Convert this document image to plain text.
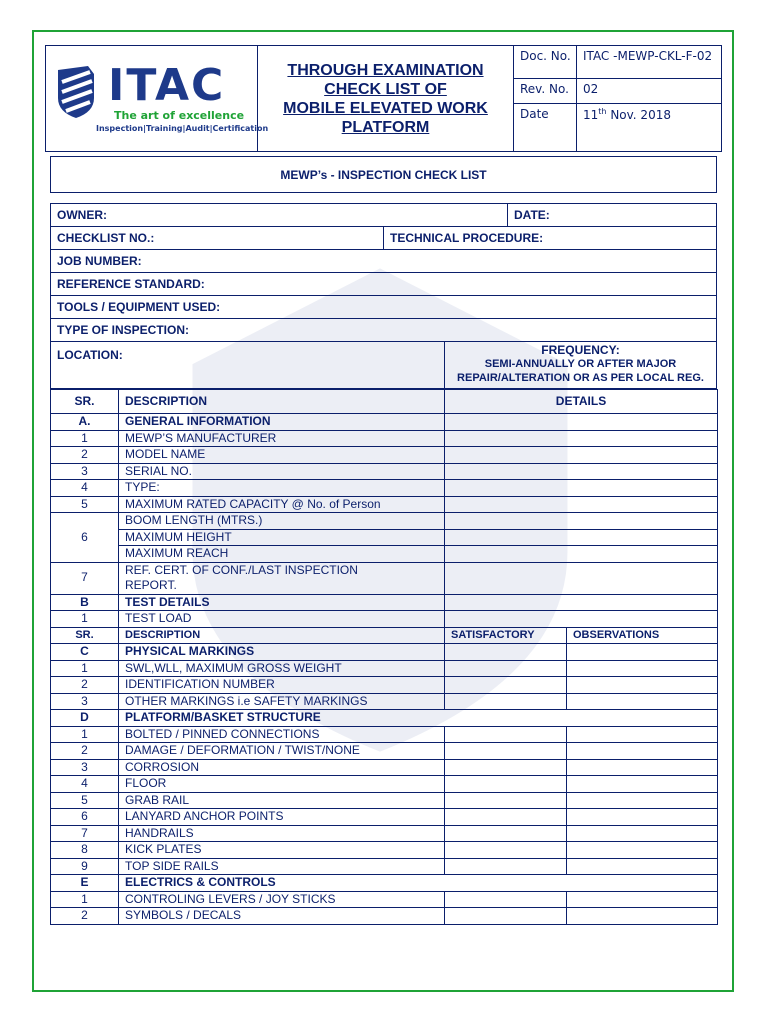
ITAC
The art of excellence
Inspection|Training|Audit|Certification
THROUGH EXAMINATION
CHECK LIST OF
MOBILE ELEVATED WORK
PLATFORM
Doc. No.	ITAC -MEWP-CKL-F-02
Rev. No.	02
Date	11th Nov. 2018
MEWP’s - INSPECTION CHECK LIST
OWNER:	DATE:
CHECKLIST NO.:	TECHNICAL PROCEDURE:
JOB NUMBER:
REFERENCE STANDARD:
TOOLS / EQUIPMENT USED:
TYPE OF INSPECTION:
LOCATION:	FREQUENCY:
SEMI-ANNUALLY OR AFTER MAJOR
REPAIR/ALTERATION OR AS PER LOCAL REG.
SR.	DESCRIPTION	DETAILS	
A.	GENERAL INFORMATION		
1	MEWP’S MANUFACTURER		
2	MODEL NAME		
3	SERIAL NO.		
4	TYPE:		
5	MAXIMUM RATED CAPACITY @ No. of Person		
6	BOOM LENGTH (MTRS.)		
	MAXIMUM HEIGHT		
	MAXIMUM REACH		
7	REF. CERT. OF CONF./LAST INSPECTION
REPORT.		

B	TEST DETAILS		
1	TEST LOAD		
SR.	DESCRIPTION	SATISFACTORY	OBSERVATIONS
C	PHYSICAL MARKINGS		
1	SWL,WLL, MAXIMUM GROSS WEIGHT		
2	IDENTIFICATION NUMBER		
3	OTHER MARKINGS i.e SAFETY MARKINGS		
D	PLATFORM/BASKET STRUCTURE		
1	BOLTED / PINNED CONNECTIONS		
2	DAMAGE / DEFORMATION / TWIST/NONE		
3	CORROSION		
4	FLOOR		
5	GRAB RAIL		
6	LANYARD ANCHOR POINTS		
7	HANDRAILS		
8	KICK PLATES		
9	TOP SIDE RAILS		
E	ELECTRICS & CONTROLS		
1	CONTROLING LEVERS / JOY STICKS		
2	SYMBOLS / DECALS		
